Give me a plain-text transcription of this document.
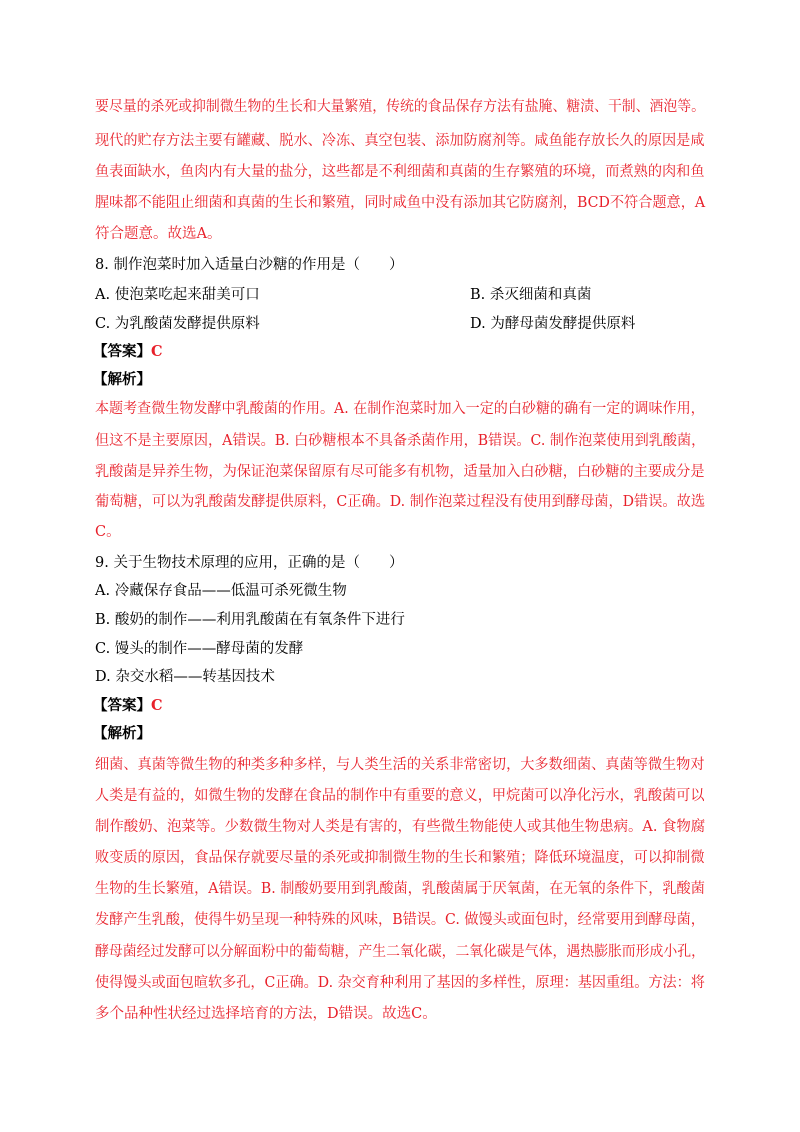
要尽量的杀死或抑制微生物的生长和大量繁殖，传统的食品保存方法有盐腌、糖渍、干制、酒泡等。
现代的贮存方法主要有罐藏、脱水、冷冻、真空包装、添加防腐剂等。咸鱼能存放长久的原因是咸
鱼表面缺水，鱼肉内有大量的盐分，这些都是不利细菌和真菌的生存繁殖的环境，而煮熟的肉和鱼
腥味都不能阻止细菌和真菌的生长和繁殖，同时咸鱼中没有添加其它防腐剂，BCD不符合题意，A
符合题意。故选A。
8. 制作泡菜时加入适量白沙糖的作用是（　　）
A. 使泡菜吃起来甜美可口	B. 杀灭细菌和真菌
C. 为乳酸菌发酵提供原料	D. 为酵母菌发酵提供原料
【答案】C
【解析】
本题考查微生物发酵中乳酸菌的作用。A. 在制作泡菜时加入一定的白砂糖的确有一定的调味作用，
但这不是主要原因，A错误。B. 白砂糖根本不具备杀菌作用，B错误。C. 制作泡菜使用到乳酸菌，
乳酸菌是异养生物，为保证泡菜保留原有尽可能多有机物，适量加入白砂糖，白砂糖的主要成分是
葡萄糖，可以为乳酸菌发酵提供原料，C正确。D. 制作泡菜过程没有使用到酵母菌，D错误。故选
C。
9. 关于生物技术原理的应用，正确的是（　　）
A. 冷藏保存食品——低温可杀死微生物
B. 酸奶的制作——利用乳酸菌在有氧条件下进行
C. 馒头的制作——酵母菌的发酵
D. 杂交水稻——转基因技术
【答案】C
【解析】
细菌、真菌等微生物的种类多种多样，与人类生活的关系非常密切，大多数细菌、真菌等微生物对
人类是有益的，如微生物的发酵在食品的制作中有重要的意义，甲烷菌可以净化污水，乳酸菌可以
制作酸奶、泡菜等。少数微生物对人类是有害的，有些微生物能使人或其他生物患病。A. 食物腐
败变质的原因，食品保存就要尽量的杀死或抑制微生物的生长和繁殖；降低环境温度，可以抑制微
生物的生长繁殖，A错误。B. 制酸奶要用到乳酸菌，乳酸菌属于厌氧菌，在无氧的条件下，乳酸菌
发酵产生乳酸，使得牛奶呈现一种特殊的风味，B错误。C. 做馒头或面包时，经常要用到酵母菌，
酵母菌经过发酵可以分解面粉中的葡萄糖，产生二氧化碳，二氧化碳是气体，遇热膨胀而形成小孔，
使得馒头或面包暄软多孔，C正确。D. 杂交育种利用了基因的多样性，原理：基因重组。方法：将
多个品种性状经过选择培育的方法，D错误。故选C。
